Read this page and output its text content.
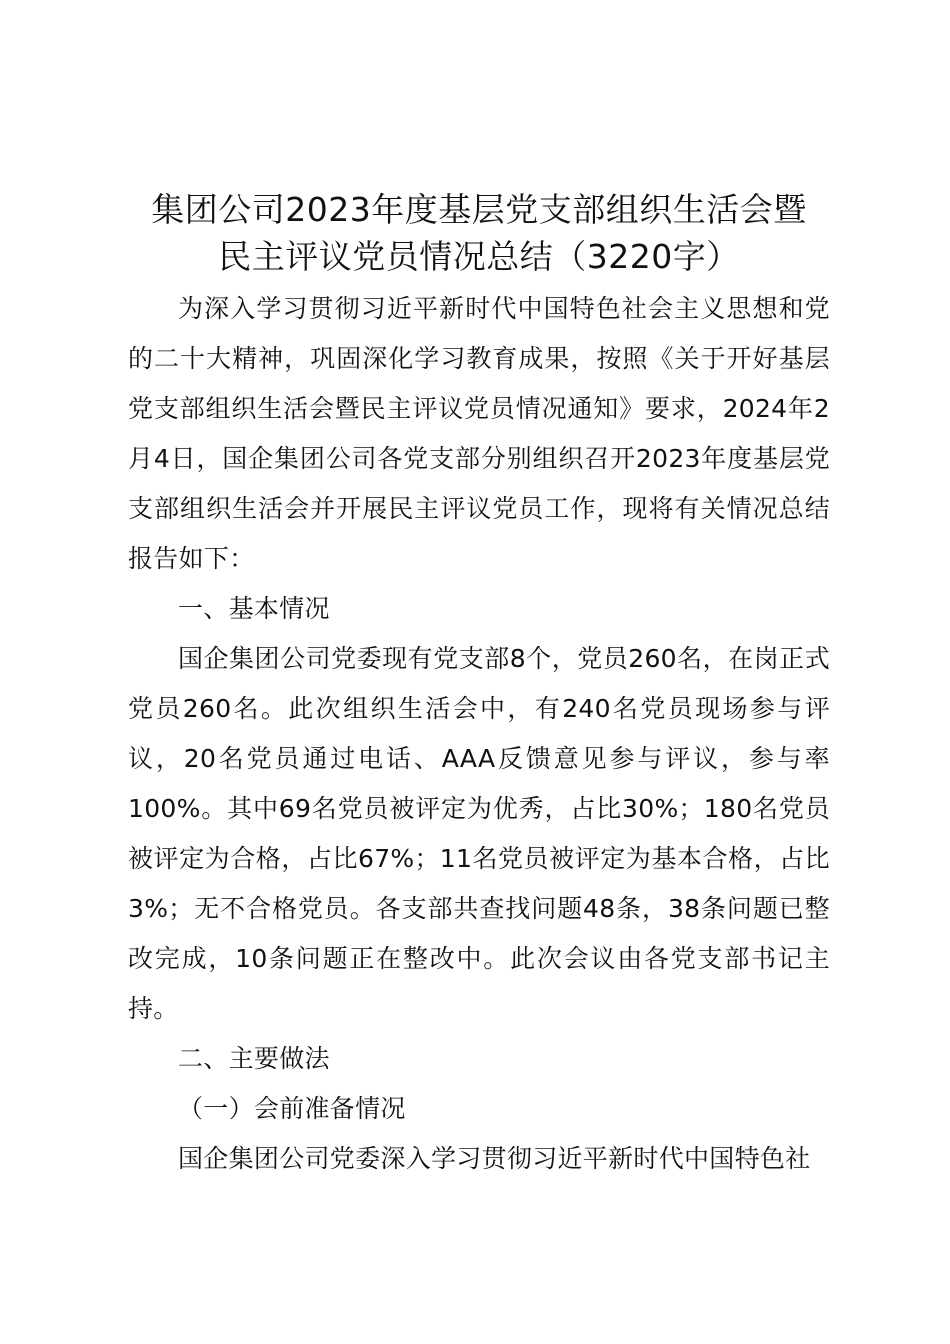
集团公司2023年度基层党支部组织生活会暨
民主评议党员情况总结（3220字）

为深入学习贯彻习近平新时代中国特色社会主义思想和党的二十大精神，巩固深化学习教育成果，按照《关于开好基层党支部组织生活会暨民主评议党员情况通知》要求，2024年2月4日，国企集团公司各党支部分别组织召开2023年度基层党支部组织生活会并开展民主评议党员工作，现将有关情况总结报告如下：

一、基本情况

国企集团公司党委现有党支部8个，党员260名，在岗正式党员260名。此次组织生活会中，有240名党员现场参与评议，20名党员通过电话、AAA反馈意见参与评议，参与率100%。其中69名党员被评定为优秀，占比30%；180名党员被评定为合格，占比67%；11名党员被评定为基本合格，占比3%；无不合格党员。各支部共查找问题48条，38条问题已整改完成，10条问题正在整改中。此次会议由各党支部书记主持。

二、主要做法

（一）会前准备情况

国企集团公司党委深入学习贯彻习近平新时代中国特色社
